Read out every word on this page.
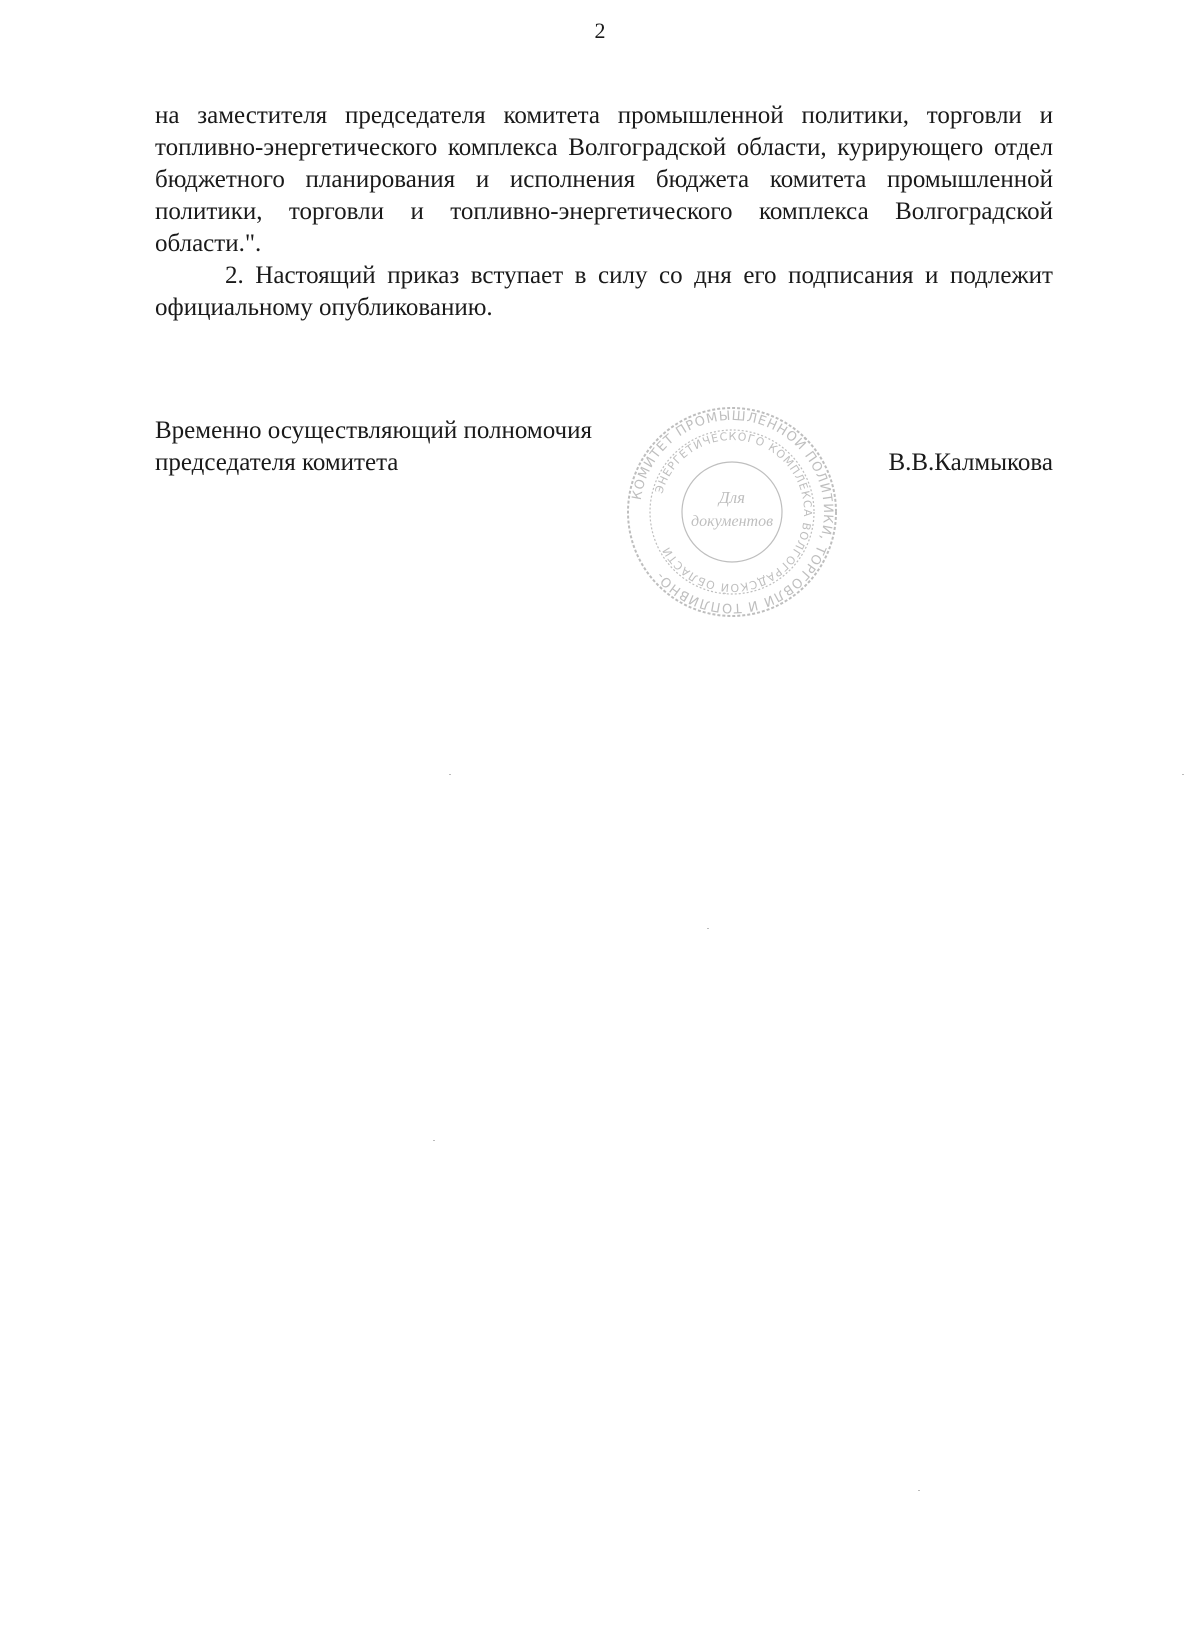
2

на заместителя председателя комитета промышленной политики, торговли и топливно-энергетического комплекса Волгоградской области, курирующего отдел бюджетного планирования и исполнения бюджета комитета промышленной политики, торговли и топливно-энергетического комплекса Волгоградской области.".

2. Настоящий приказ вступает в силу со дня его подписания и подлежит официальному опубликованию.

Временно осуществляющий полномочия
председателя комитета	В.В.Калмыкова
КОМИТЕТ ПРОМЫШЛЕННОЙ ПОЛИТИКИ, ТОРГОВЛИ И ТОПЛИВНО-
ЭНЕРГЕТИЧЕСКОГО КОМПЛЕКСА ВОЛГОГРАДСКОЙ ОБЛАСТИ
Для
документов
